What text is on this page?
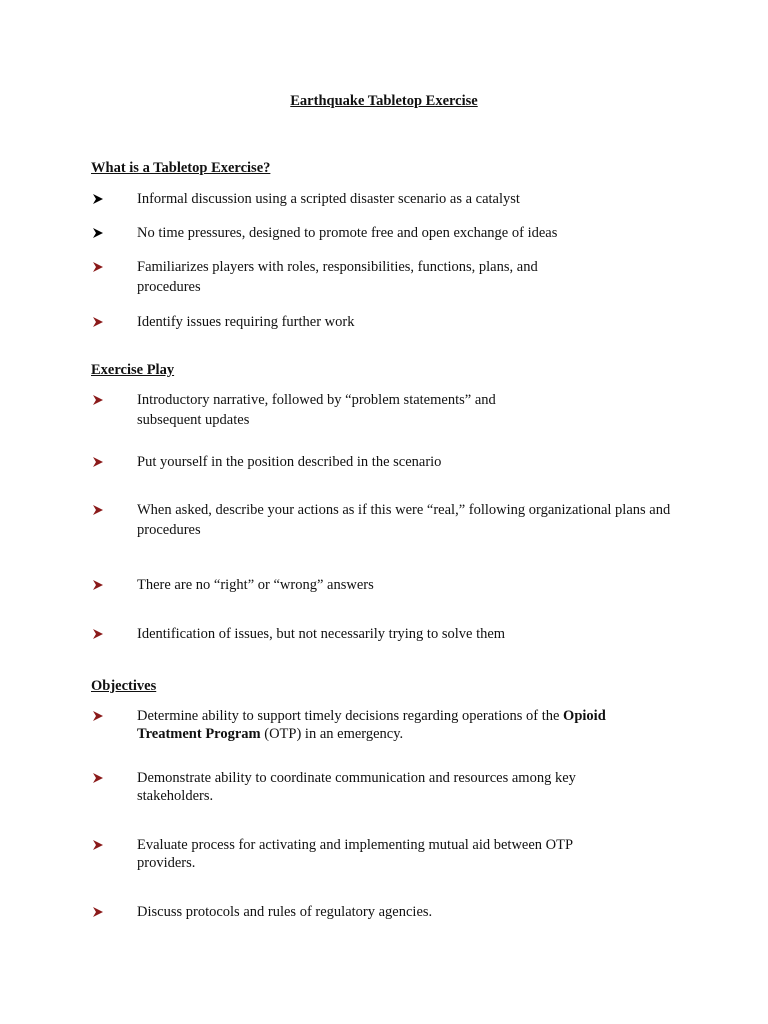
Earthquake Tabletop Exercise
What is a Tabletop Exercise?
Informal discussion using a scripted disaster scenario as a catalyst
No time pressures, designed to promote free and open exchange of ideas
Familiarizes players with roles, responsibilities, functions, plans, and procedures
Identify issues requiring further work
Exercise Play
Introductory narrative, followed by “problem statements” and subsequent updates
Put yourself in the position described in the scenario
When asked, describe your actions as if this were “real,” following organizational plans and procedures
There are no “right” or “wrong” answers
Identification of issues, but not necessarily trying to solve them
Objectives
Determine ability to support timely decisions regarding operations of the Opioid Treatment Program (OTP) in an emergency.
Demonstrate ability to coordinate communication and resources among key stakeholders.
Evaluate process for activating and implementing mutual aid between OTP providers.
Discuss protocols and rules of regulatory agencies.
